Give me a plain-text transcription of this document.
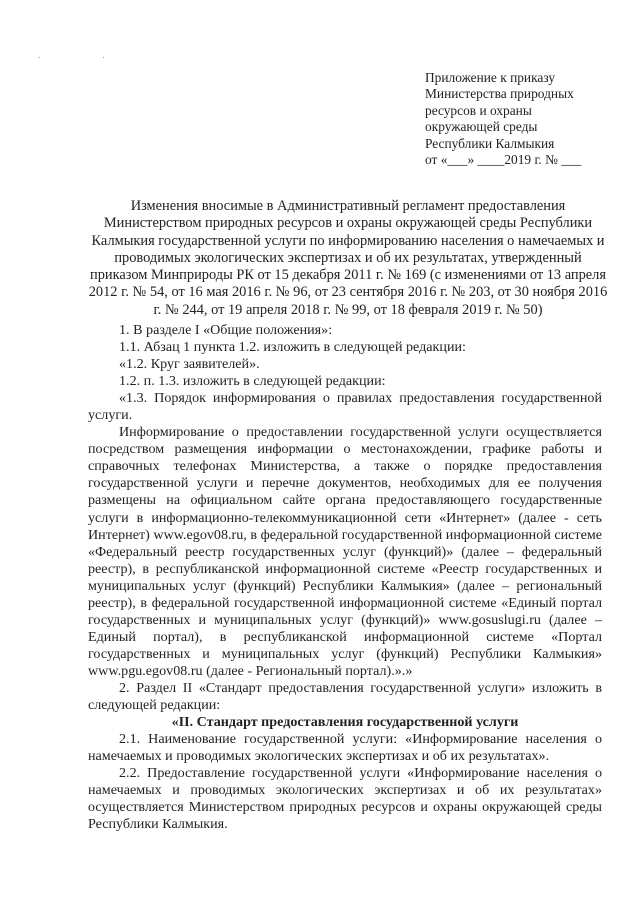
. .
Приложение к приказу
Министерства природных
ресурсов и охраны
окружающей среды
Республики Калмыкия
от «___» ____2019 г. № ___
Изменения вносимые в Административный регламент предоставления Министерством природных ресурсов и охраны окружающей среды Республики Калмыкия государственной услуги по информированию населения о намечаемых и проводимых экологических экспертизах и об их результатах, утвержденный приказом Минприроды РК от 15 декабря 2011 г. № 169 (с изменениями от 13 апреля 2012 г. № 54, от 16 мая 2016 г. № 96, от 23 сентября 2016 г. № 203, от 30 ноября 2016 г. № 244, от 19 апреля 2018 г. № 99, от 18 февраля 2019 г. № 50)

1. В разделе I «Общие положения»:

1.1. Абзац 1 пункта 1.2. изложить в следующей редакции:

«1.2. Круг заявителей».

1.2. п. 1.3. изложить в следующей редакции:

«1.3. Порядок информирования о правилах предоставления государственной услуги.

Информирование о предоставлении государственной услуги осуществляется посредством размещения информации о местонахождении, графике работы и справочных телефонах Министерства, а также о порядке предоставления государственной услуги и перечне документов, необходимых для ее получения размещены на официальном сайте органа предоставляющего государственные услуги в информационно-телекоммуникационной сети «Интернет» (далее - сеть Интернет) www.egov08.ru, в федеральной государственной информационной системе «Федеральный реестр государственных услуг (функций)» (далее – федеральный реестр), в республиканской информационной системе «Реестр государственных и муниципальных услуг (функций) Республики Калмыкия» (далее – региональный реестр), в федеральной государственной информационной системе «Единый портал государственных и муниципальных услуг (функций)» www.gosuslugi.ru (далее – Единый портал), в республиканской информационной системе «Портал государственных и муниципальных услуг (функций) Республики Калмыкия» www.pgu.egov08.ru (далее - Региональный портал).».»

2. Раздел II «Стандарт предоставления государственной услуги» изложить в следующей редакции:

«II. Стандарт предоставления государственной услуги

2.1. Наименование государственной услуги: «Информирование населения о намечаемых и проводимых экологических экспертизах и об их результатах».

2.2. Предоставление государственной услуги «Информирование населения о намечаемых и проводимых экологических экспертизах и об их результатах» осуществляется Министерством природных ресурсов и охраны окружающей среды Республики Калмыкия.
